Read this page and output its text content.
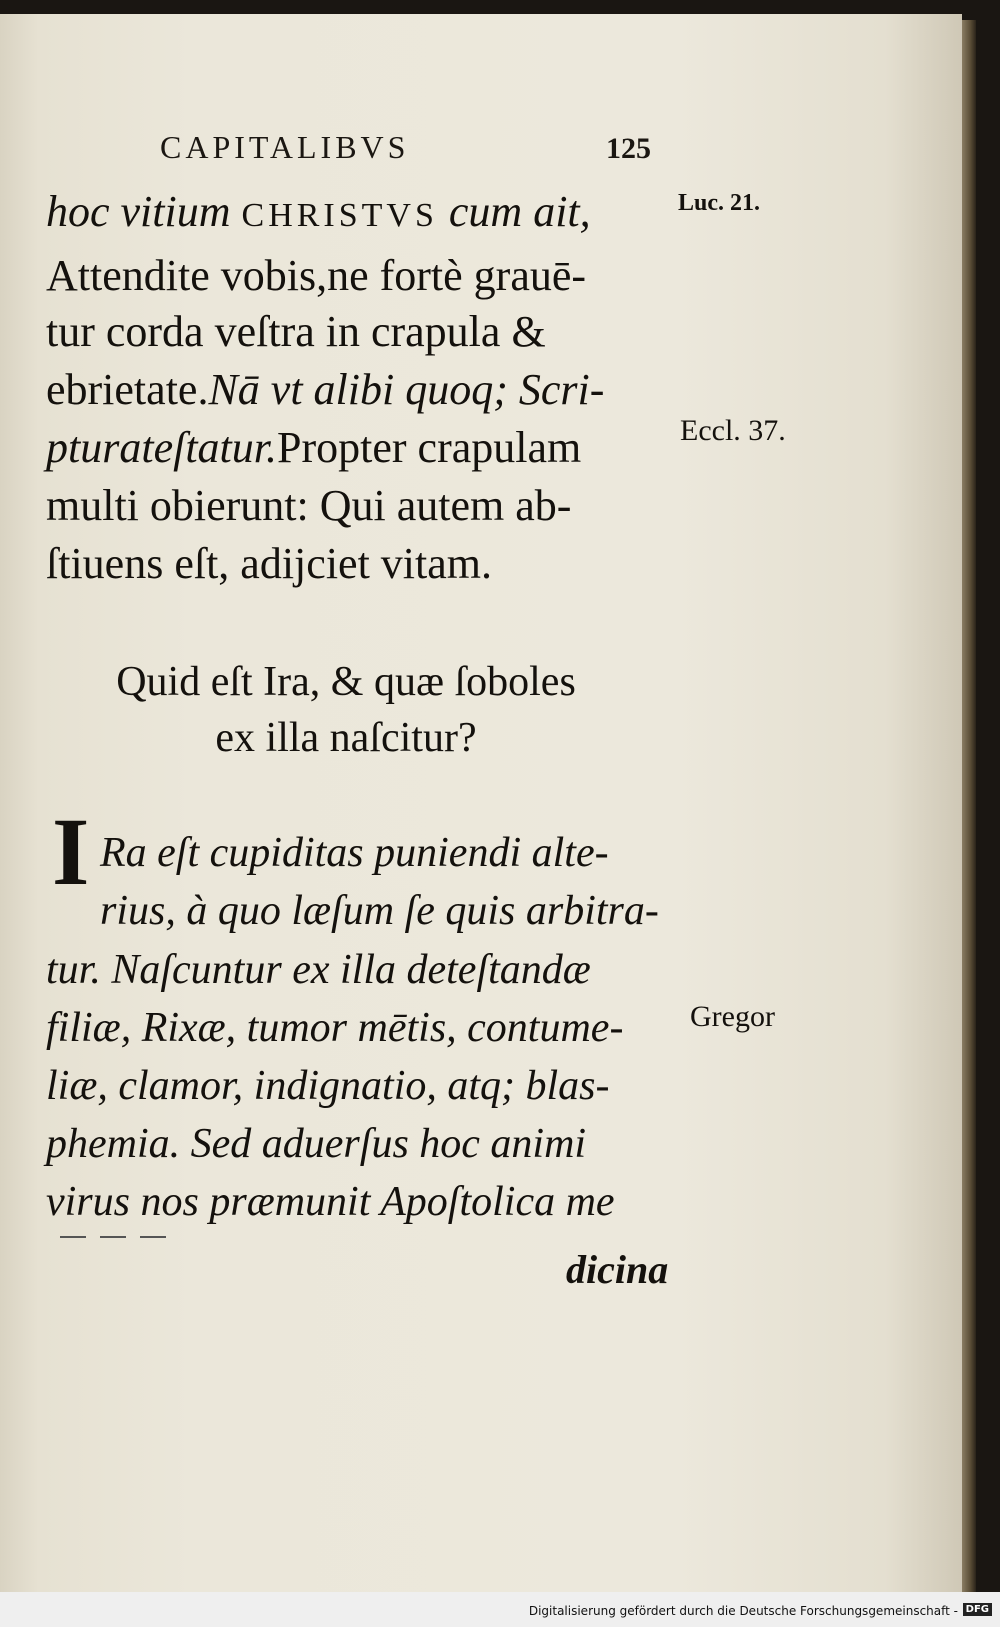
CAPITALIBVS	125
hoc vitium CHRISTVS cum ait,
Attendite vobis,ne fortè grauē-
tur corda veſtra in crapula &
ebrietate.Nā vt alibi quoq; Scri-
pturateſtatur.Propter crapulam
multi obierunt: Qui autem ab-
ſtiuens eſt, adijciet vitam.
Quid eſt Ira, & quæ ſoboles
ex illa naſcitur?
I Ra eſt cupiditas puniendi alte-
rius, à quo læſum ſe quis arbitra-
tur. Naſcuntur ex illa deteſtandæ
filiæ, Rixæ, tumor mētis, contume-
liæ, clamor, indignatio, atq; blas-
phemia. Sed aduerſus hoc animi
virus nos præmunit Apoſtolica me
dicina
Luc. 21.
Eccl. 37.
Gregor
Digitalisierung gefördert durch die Deutsche Forschungsgemeinschaft - DFG
